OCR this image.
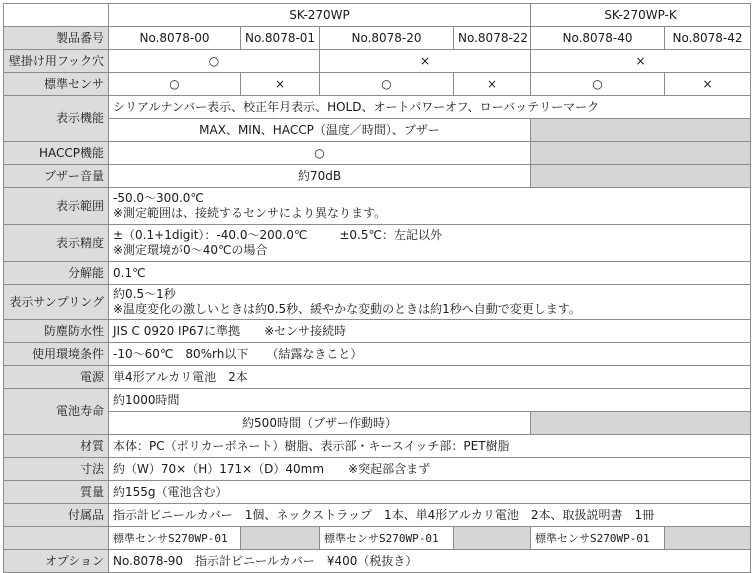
	SK-270WP				SK-270WP-K	
製品番号	No.8078-00	No.8078-01	No.8078-20	No.8078-22	No.8078-40	No.8078-42
壁掛け用フック穴	○		×		×	
標準センサ	○	×	○	×	○	×
表示機能	シリアルナンバー表示、校正年月表示、HOLD、オートパワーオフ、ローバッテリーマーク					
	MAX、MIN、HACCP（温度／時間）、ブザー					
HACCP機能	○					
ブザー音量	約70dB					
表示範囲	-50.0～300.0℃
※測定範囲は、接続するセンサにより異なります。					

表示精度	±（0.1+1digit）：-40.0～200.0℃ ±0.5℃：左記以外
※測定環境が0～40℃の場合					

分解能	0.1℃					
表示サンプリング	約0.5～1秒
※温度変化の激しいときは約0.5秒、緩やかな変動のときは約1秒へ自動で変更します。					

防塵防水性	JIS C 0920 IP67に準拠　　※センサ接続時					
使用環境条件	-10～60℃　80%rh以下　　（結露なきこと）					
電源	単4形アルカリ電池　2本					
電池寿命	約1000時間					
	約500時間（ブザー作動時）					
材質	本体：PC（ポリカーボネート）樹脂、表示部・キースイッチ部：PET樹脂					
寸法	約（W）70×（H）171×（D）40mm　　※突起部含まず					
質量	約155g（電池含む）					
付属品	指示計ビニールカバー　1個、ネックストラップ　1本、単4形アルカリ電池　2本、取扱説明書　1冊					
	標準センサS270WP-01		標準センサS270WP-01		標準センサS270WP-01	
オプション	No.8078-90　指示計ビニールカバー　¥400（税抜き）					
